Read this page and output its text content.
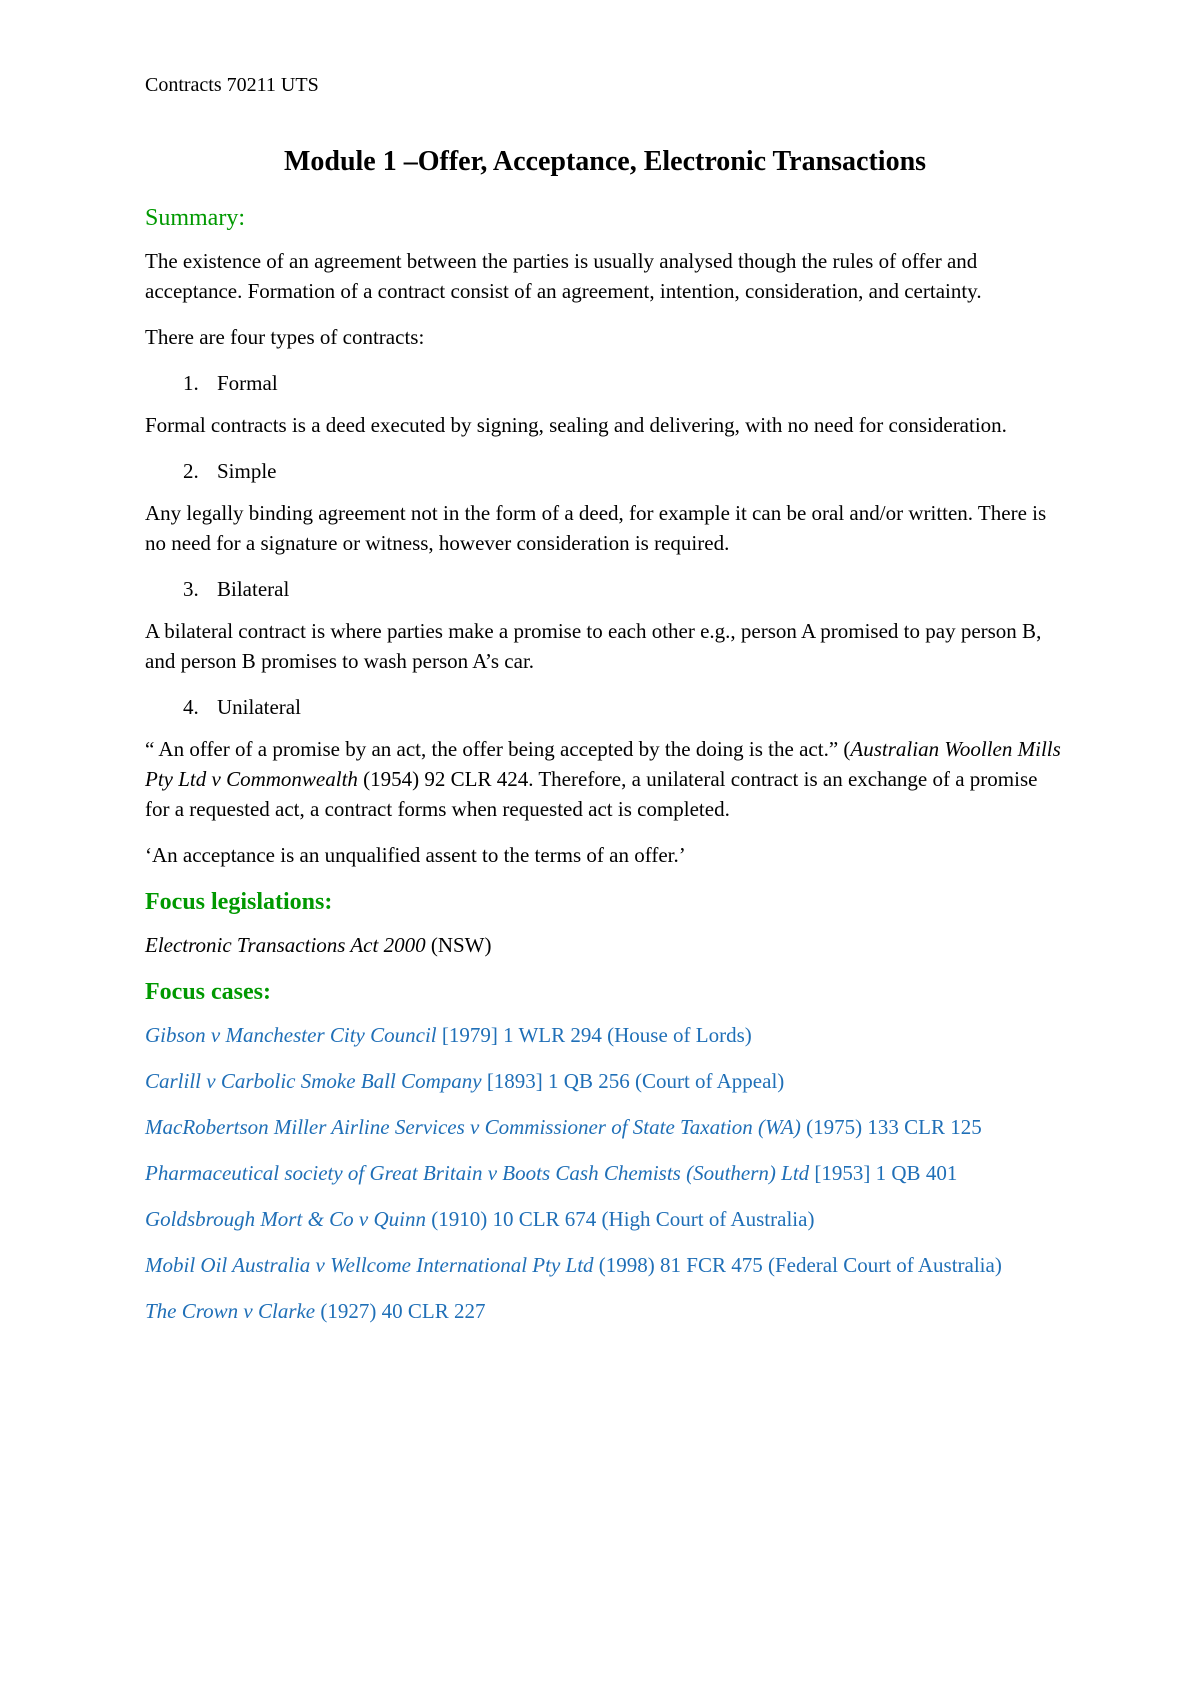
Contracts 70211 UTS

Module 1 –Offer, Acceptance, Electronic Transactions
Summary:

The existence of an agreement between the parties is usually analysed though the rules of offer and acceptance. Formation of a contract consist of an agreement, intention, consideration, and certainty.

There are four types of contracts:

1. Formal

Formal contracts is a deed executed by signing, sealing and delivering, with no need for consideration.

2. Simple

Any legally binding agreement not in the form of a deed, for example it can be oral and/or written. There is no need for a signature or witness, however consideration is required.

3. Bilateral

A bilateral contract is where parties make a promise to each other e.g., person A promised to pay person B, and person B promises to wash person A’s car.

4. Unilateral

“ An offer of a promise by an act, the offer being accepted by the doing is the act.” (Australian Woollen Mills Pty Ltd v Commonwealth (1954) 92 CLR 424. Therefore, a unilateral contract is an exchange of a promise for a requested act, a contract forms when requested act is completed.

‘An acceptance is an unqualified assent to the terms of an offer.’

Focus legislations:

Electronic Transactions Act 2000 (NSW)

Focus cases:

Gibson v Manchester City Council [1979] 1 WLR 294 (House of Lords)

Carlill v Carbolic Smoke Ball Company [1893] 1 QB 256 (Court of Appeal)

MacRobertson Miller Airline Services v Commissioner of State Taxation (WA) (1975) 133 CLR 125

Pharmaceutical society of Great Britain v Boots Cash Chemists (Southern) Ltd [1953] 1 QB 401

Goldsbrough Mort & Co v Quinn (1910) 10 CLR 674 (High Court of Australia)

Mobil Oil Australia v Wellcome International Pty Ltd (1998) 81 FCR 475 (Federal Court of Australia)

The Crown v Clarke (1927) 40 CLR 227
